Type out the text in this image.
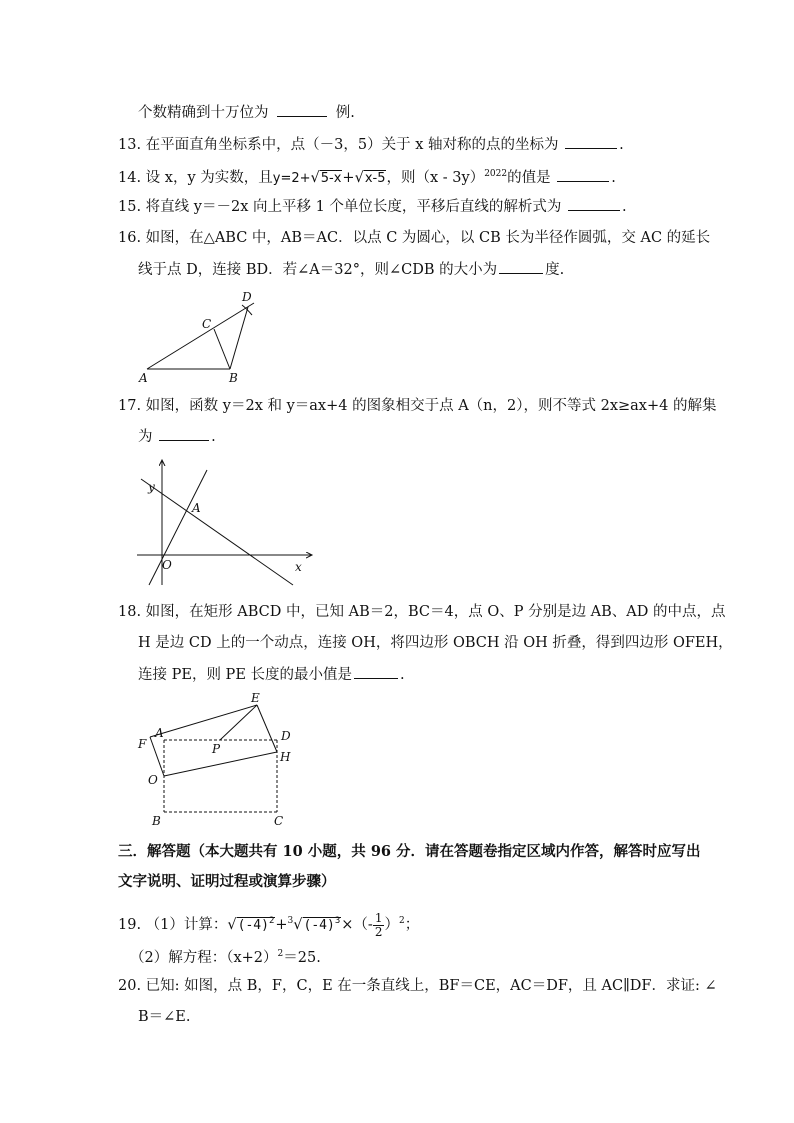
个数精确到十万位为	例.
13. 在平面直角坐标系中，点（－3，5）关于 x 轴对称的点的坐标为	.
14. 设 x，y 为实数，且y=2+√5-x+√x-5，则（x - 3y）$^{2022}$的值是	.
15. 将直线 y＝－2x 向上平移 1 个单位长度，平移后直线的解析式为	.
16. 如图，在△ABC 中，AB＝AC．以点 C 为圆心，以 CB 长为半径作圆弧，交 AC 的延长
线于点 D，连接 BD．若∠A＝32°，则∠CDB 的大小为	度.
A	B
C
D
17. 如图，函数 y＝2x 和 y＝ax+4 的图象相交于点 A（n，2），则不等式 2x≥ax+4 的解集
为	.
y
x
O
A
18. 如图，在矩形 ABCD 中，已知 AB＝2，BC＝4，点 O、P 分别是边 AB、AD 的中点，点
H 是边 CD 上的一个动点，连接 OH，将四边形 OBCH 沿 OH 折叠，得到四边形 OFEH，
连接 PE，则 PE 长度的最小值是	.
A
B	C
D
E
F
H
O
P
三．解答题（本大题共有 10 小题，共 96 分．请在答题卷指定区域内作答，解答时应写出
文字说明、证明过程或演算步骤）
19. （1）计算：$√(-4)^2+^3√(-4)^3\times(- \frac{1}{2} )^2$；
（2）解方程：$(x+2)^2=25$.
20. 已知: 如图，点 B，F，C，E 在一条直线上，BF＝CE，AC＝DF，且 AC∥DF．求证: ∠
B＝∠E.
